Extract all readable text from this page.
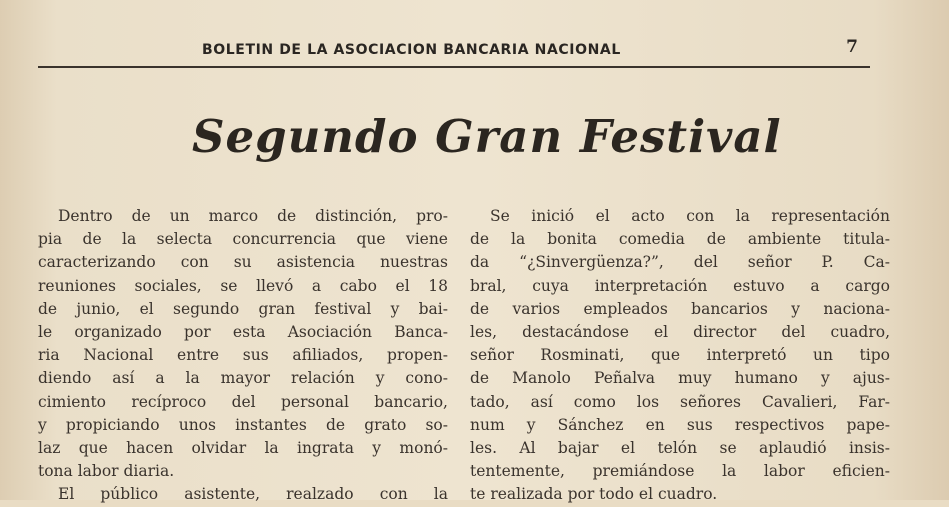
BOLETIN DE LA ASOCIACION BANCARIA NACIONAL	7
Segundo Gran Festival
Dentro de un marco de distinción, pro-
pia de la selecta concurrencia que viene
caracterizando con su asistencia nuestras
reuniones sociales, se llevó a cabo el 18
de junio, el segundo gran festival y bai-
le organizado por esta Asociación Banca-
ria Nacional entre sus afiliados, propen-
diendo así a la mayor relación y cono-
cimiento recíproco del personal bancario,
y propiciando unos instantes de grato so-
laz que hacen olvidar la ingrata y monó-
tona labor diaria.
El público asistente, realzado con la
Se inició el acto con la representación
de la bonita comedia de ambiente titula-
da “¿Sinvergüenza?”, del señor P. Ca-
bral, cuya interpretación estuvo a cargo
de varios empleados bancarios y naciona-
les, destacándose el director del cuadro,
señor Rosminati, que interpretó un tipo
de Manolo Peñalva muy humano y ajus-
tado, así como los señores Cavalieri, Far-
num y Sánchez en sus respectivos pape-
les. Al bajar el telón se aplaudió insis-
tentemente, premiándose la labor eficien-
te realizada por todo el cuadro.
